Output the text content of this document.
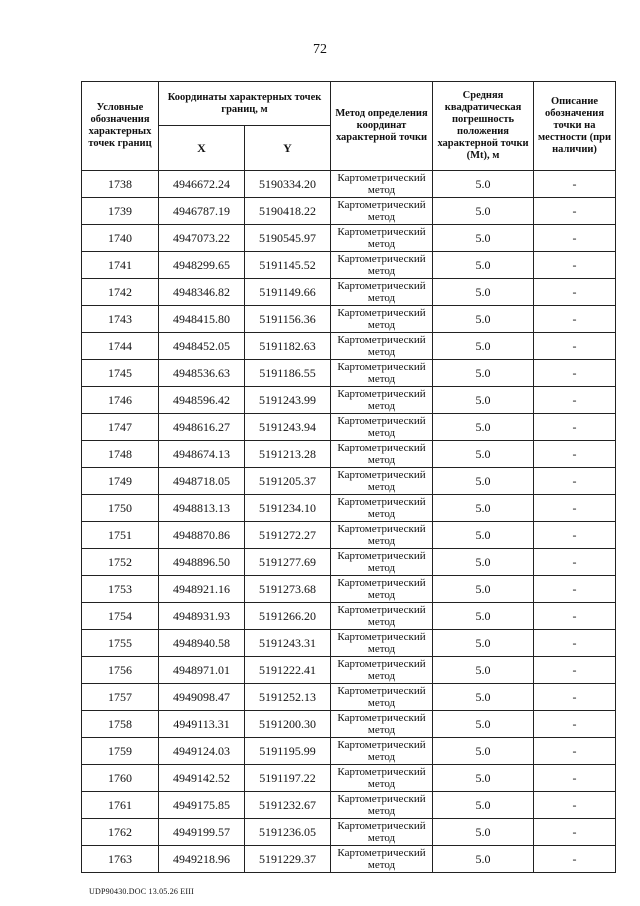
72
Условные обозначения характерных точек границ	Координаты характерных точек границ, м		Метод определения координат характерной точки	Средняя квадратическая погрешность положения характерной точки (Mt), м	Описание обозначения точки на местности (при наличии)
	X	Y			
1738	4946672.24	5190334.20	Картометрический метод	5.0	-
1739	4946787.19	5190418.22	Картометрический метод	5.0	-
1740	4947073.22	5190545.97	Картометрический метод	5.0	-
1741	4948299.65	5191145.52	Картометрический метод	5.0	-
1742	4948346.82	5191149.66	Картометрический метод	5.0	-
1743	4948415.80	5191156.36	Картометрический метод	5.0	-
1744	4948452.05	5191182.63	Картометрический метод	5.0	-
1745	4948536.63	5191186.55	Картометрический метод	5.0	-
1746	4948596.42	5191243.99	Картометрический метод	5.0	-
1747	4948616.27	5191243.94	Картометрический метод	5.0	-
1748	4948674.13	5191213.28	Картометрический метод	5.0	-
1749	4948718.05	5191205.37	Картометрический метод	5.0	-
1750	4948813.13	5191234.10	Картометрический метод	5.0	-
1751	4948870.86	5191272.27	Картометрический метод	5.0	-
1752	4948896.50	5191277.69	Картометрический метод	5.0	-
1753	4948921.16	5191273.68	Картометрический метод	5.0	-
1754	4948931.93	5191266.20	Картометрический метод	5.0	-
1755	4948940.58	5191243.31	Картометрический метод	5.0	-
1756	4948971.01	5191222.41	Картометрический метод	5.0	-
1757	4949098.47	5191252.13	Картометрический метод	5.0	-
1758	4949113.31	5191200.30	Картометрический метод	5.0	-
1759	4949124.03	5191195.99	Картометрический метод	5.0	-
1760	4949142.52	5191197.22	Картометрический метод	5.0	-
1761	4949175.85	5191232.67	Картометрический метод	5.0	-
1762	4949199.57	5191236.05	Картометрический метод	5.0	-
1763	4949218.96	5191229.37	Картометрический метод	5.0	-
UDP90430.DOC 13.05.26 EIII
